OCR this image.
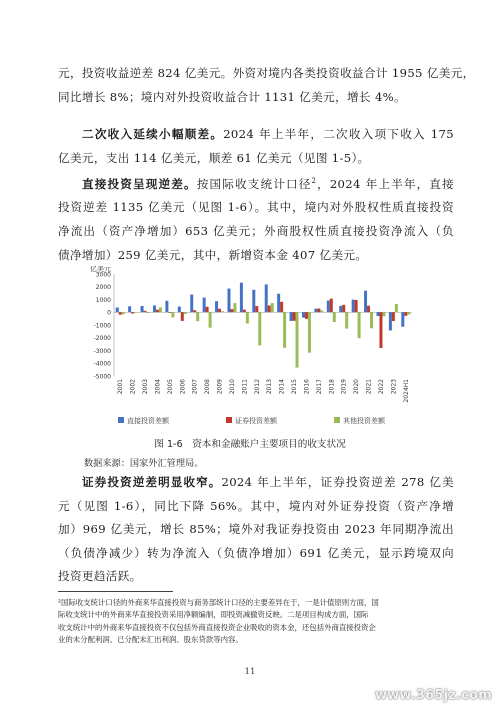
元，投资收益逆差 824 亿美元。外资对境内各类投资收益合计 1955 亿美元，
同比增长 8%；境内对外投资收益合计 1131 亿美元，增长 4%。
二次收入延续小幅顺差。2024 年上半年，二次收入项下收入 175
亿美元，支出 114 亿美元，顺差 61 亿美元（见图 1-5）。
直接投资呈现逆差。按国际收支统计口径$^2$，2024 年上半年，直接
投资逆差 1135 亿美元（见图 1-6）。其中，境内对外股权性质直接投资
净流出（资产净增加）653 亿美元；外商股权性质直接投资净流入（负
债净增加）259 亿美元，其中，新增资本金 407 亿美元。
亿美元
3000
2000
1000
0
-1000
-2000
-3000
-4000
-5000
2001 2002 2003 2004 2005 2006 2007 2008 2009 2010 2011 2012 2013 2014 2015 2016 2017 2018 2019 2020 2021 2022 2023 2024H1
直接投资差额	证券投资差额	其他投资差额
图 1-6　资本和金融账户主要项目的收支状况
数据来源：国家外汇管理局。
证券投资逆差明显收窄。2024 年上半年，证券投资逆差 278 亿美
元（见图 1-6），同比下降 56%。其中，境内对外证券投资（资产净增
加）969 亿美元，增长 85%；境外对我证券投资由 2023 年同期净流出
（负债净减少）转为净流入（负债净增加）691 亿美元，显示跨境双向
投资更趋活跃。
²国际收支统计口径的外商来华直接投资与商务部统计口径的主要差异在于，一是计值原则方面，国
际收支统计中的外商来华直接投资采用净额编制，即投资减撤资反映。二是项目构成方面，国际
收支统计中的外商来华直接投资不仅包括外商直接投资企业吸收的资本金，还包括外商直接投资企
业的未分配利润、已分配未汇出利润、股东贷款等内容。
11
www.365jz.com
